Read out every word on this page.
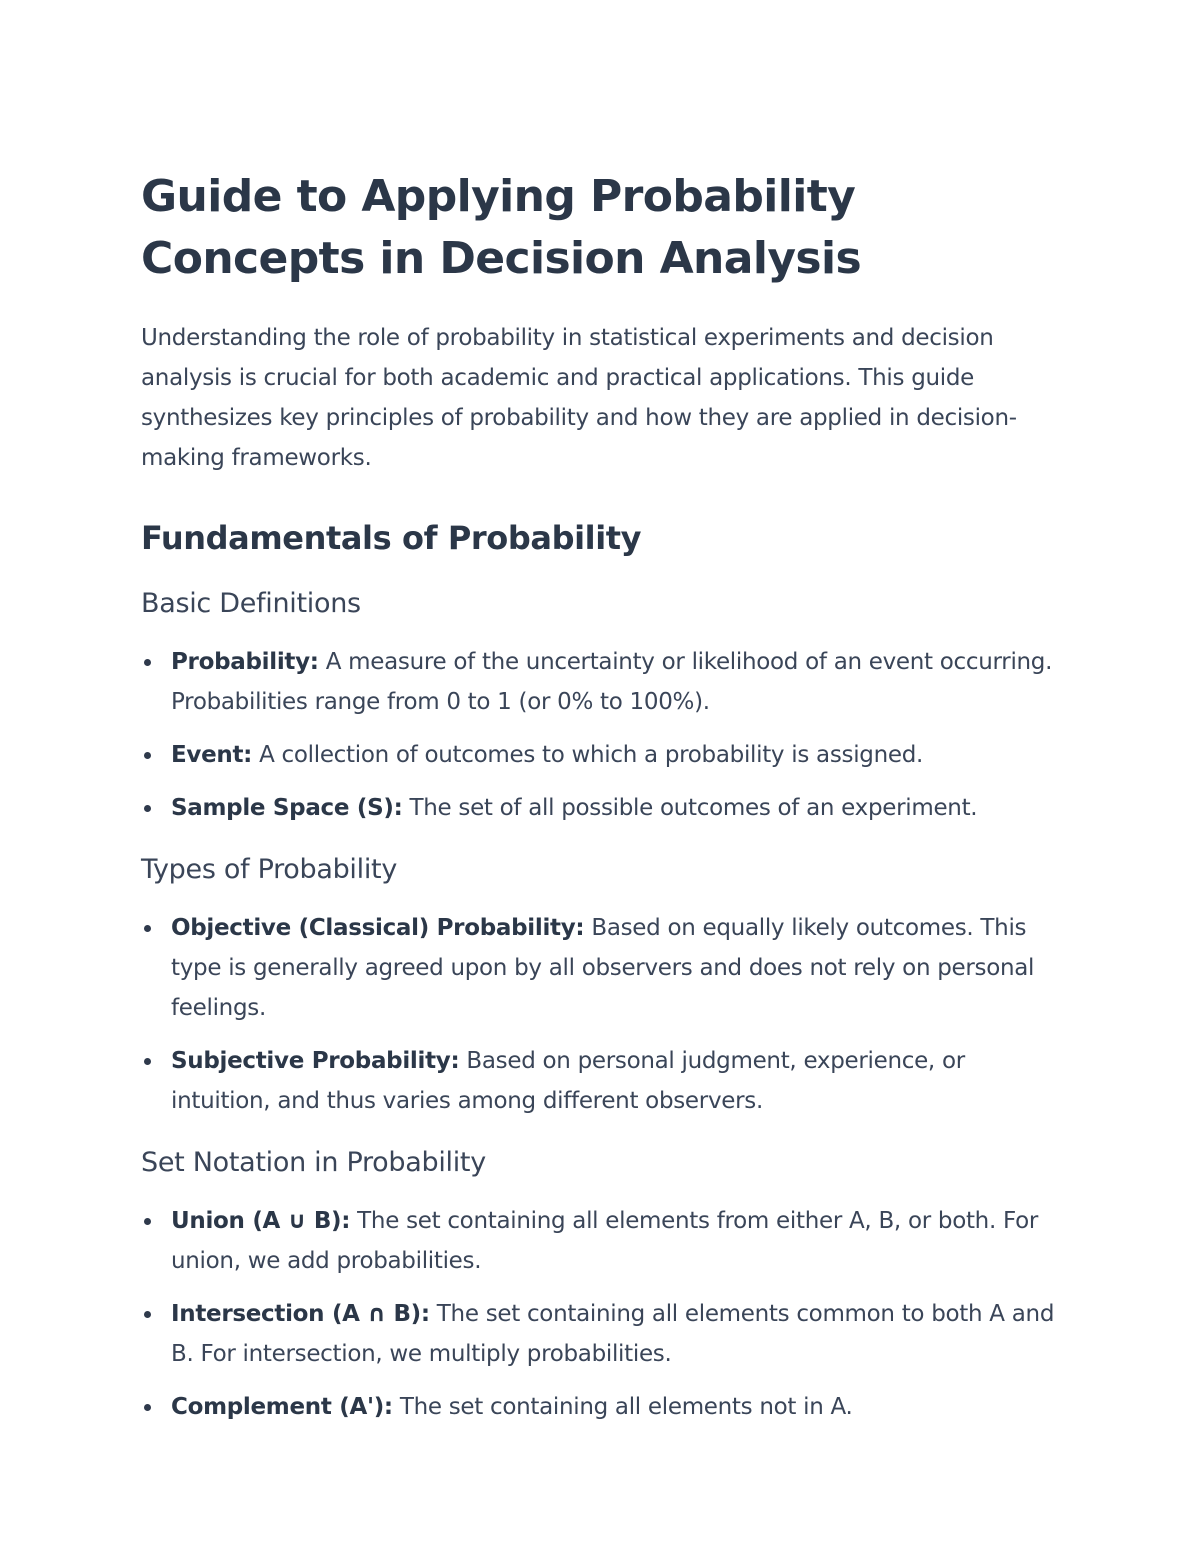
Guide to Applying Probability Concepts in Decision Analysis

Understanding the role of probability in statistical experiments and decision analysis is crucial for both academic and practical applications. This guide synthesizes key principles of probability and how they are applied in decision-making frameworks.

Fundamentals of Probability
Basic Definitions
Probability: A measure of the uncertainty or likelihood of an event occurring. Probabilities range from 0 to 1 (or 0% to 100%).
Event: A collection of outcomes to which a probability is assigned.
Sample Space (S): The set of all possible outcomes of an experiment.
Types of Probability
Objective (Classical) Probability: Based on equally likely outcomes. This type is generally agreed upon by all observers and does not rely on personal feelings.
Subjective Probability: Based on personal judgment, experience, or intuition, and thus varies among different observers.
Set Notation in Probability
Union (A ∪ B): The set containing all elements from either A, B, or both. For union, we add probabilities.
Intersection (A ∩ B): The set containing all elements common to both A and B. For intersection, we multiply probabilities.
Complement (A'): The set containing all elements not in A.
